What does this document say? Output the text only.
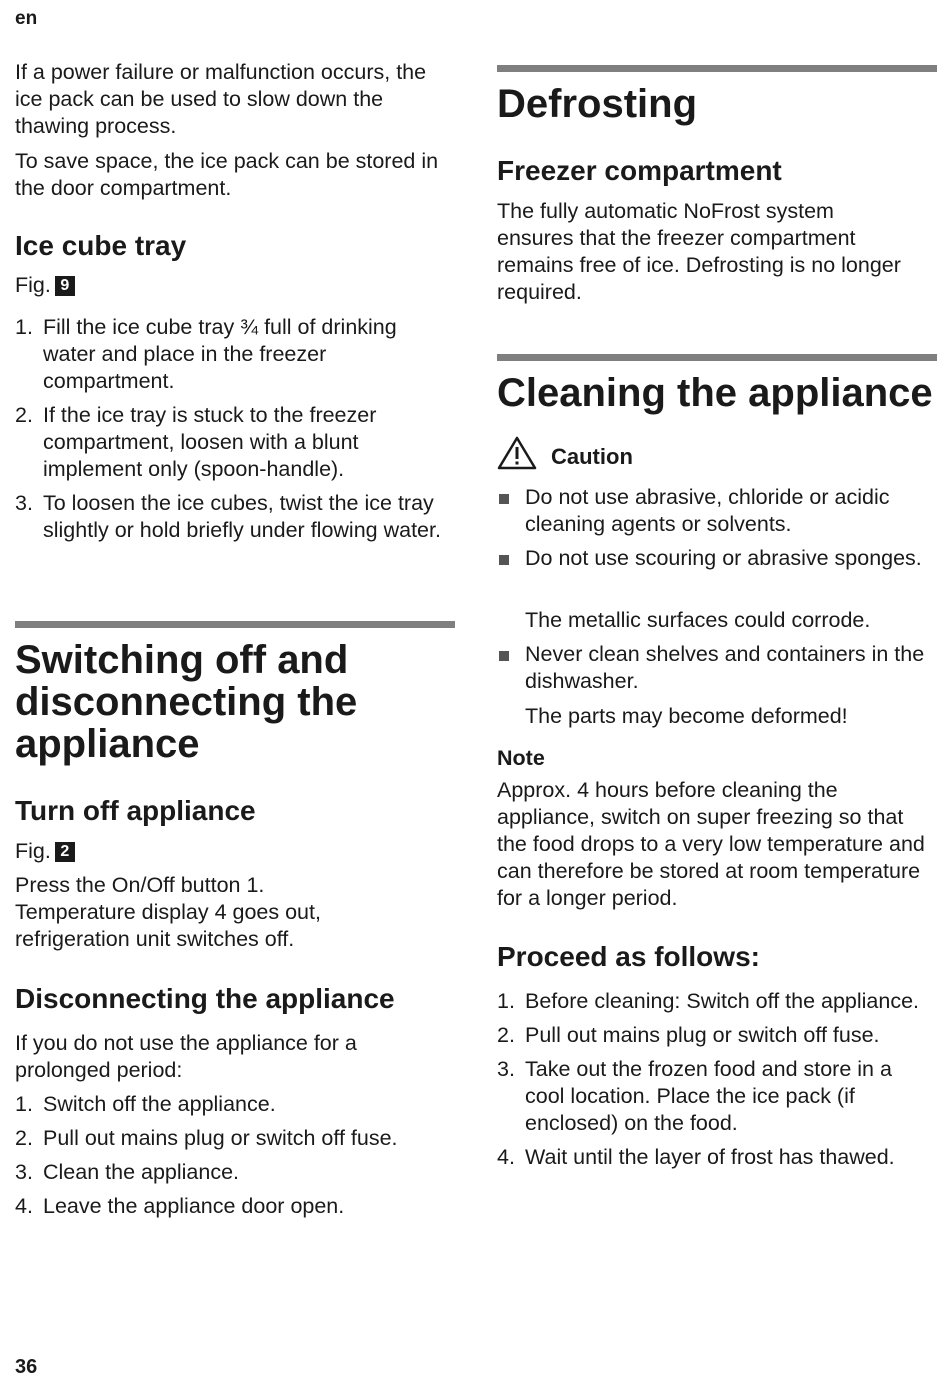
en

If a power failure or malfunction occurs, the ice pack can be used to slow down the thawing process.

To save space, the ice pack can be stored in the door compartment.

Ice cube tray

Fig. 9

1. Fill the ice cube tray ¾ full of drinking water and place in the freezer compartment.
2. If the ice tray is stuck to the freezer compartment, loosen with a blunt implement only (spoon-handle).
3. To loosen the ice cubes, twist the ice tray slightly or hold briefly under flowing water.
Switching off and disconnecting the appliance
Turn off appliance

Fig. 2

Press the On/Off button 1. Temperature display 4 goes out, refrigeration unit switches off.

Disconnecting the appliance

If you do not use the appliance for a prolonged period:

1. Switch off the appliance.
2. Pull out mains plug or switch off fuse.
3. Clean the appliance.
4. Leave the appliance door open.
Defrosting
Freezer compartment

The fully automatic NoFrost system ensures that the freezer compartment remains free of ice. Defrosting is no longer required.

Cleaning the appliance
Caution
Do not use abrasive, chloride or acidic cleaning agents or solvents.
Do not use scouring or abrasive sponges.

The metallic surfaces could corrode.

Never clean shelves and containers in the dishwasher.

The parts may become deformed!

Note

Approx. 4 hours before cleaning the appliance, switch on super freezing so that the food drops to a very low temperature and can therefore be stored at room temperature for a longer period.

Proceed as follows:
1. Before cleaning: Switch off the appliance.
2. Pull out mains plug or switch off fuse.
3. Take out the frozen food and store in a cool location. Place the ice pack (if enclosed) on the food.
4. Wait until the layer of frost has thawed.
36
